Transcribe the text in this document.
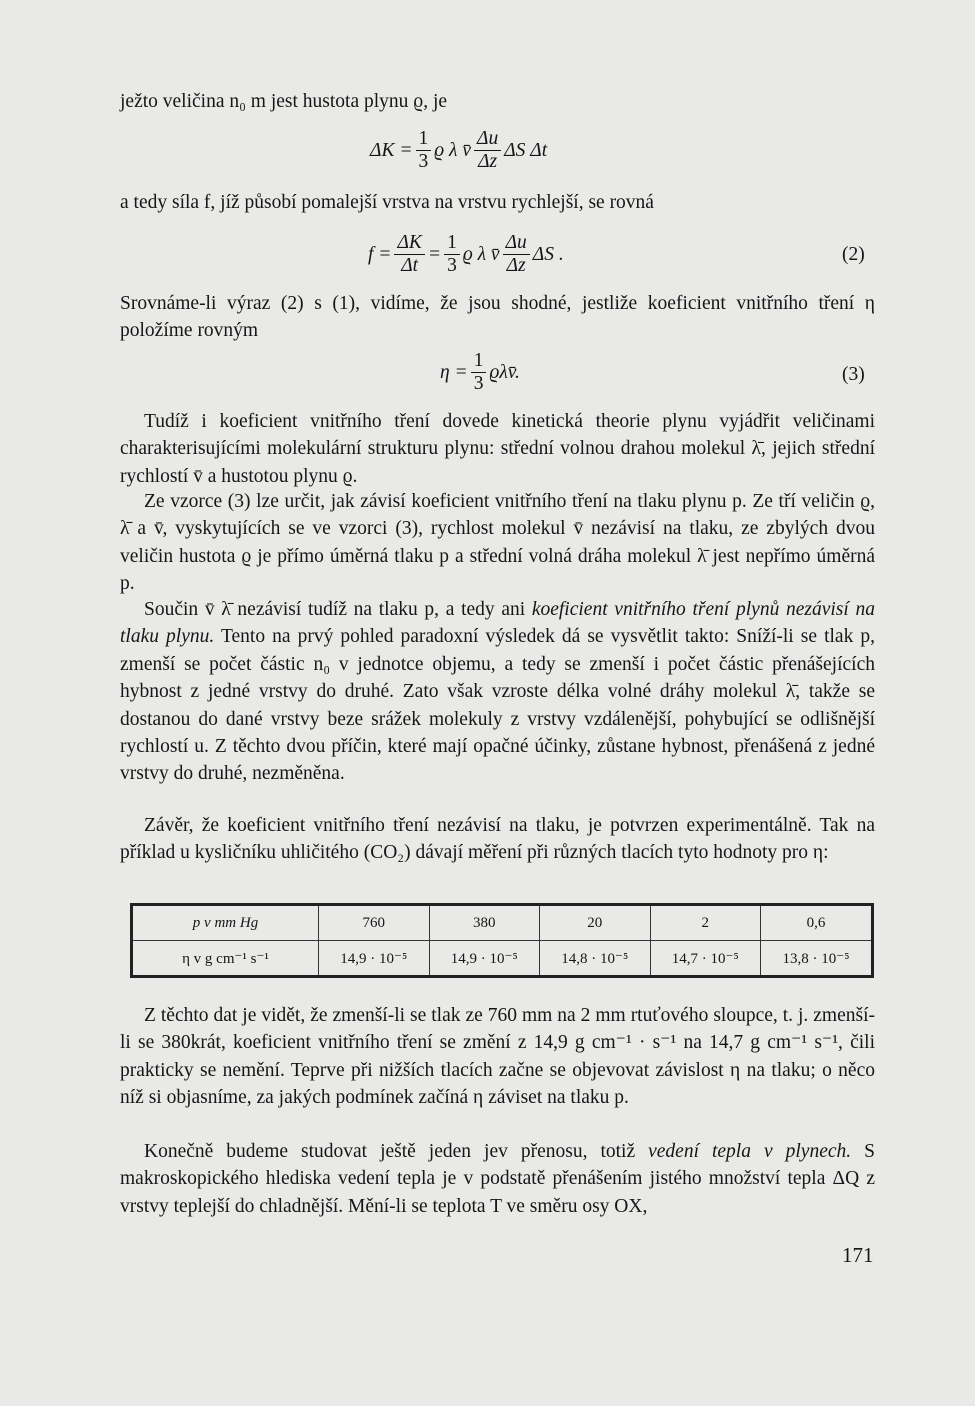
ježto veličina n₀ m jest hustota plynu ϱ, je

$\Delta K = \frac{1}{3}$ ϱ λ v̄ $\frac{\Delta u}{\Delta z}$ ΔS Δt

a tedy síla f, jíž působí pomalejší vrstva na vrstvu rychlejší, se rovná

$f = \frac{\Delta K}{\Delta t} = \frac{1}{3}$ ϱ λ v̄ $\frac{\Delta u}{\Delta z}$ ΔS .	(2)

Srovnáme-li výraz (2) s (1), vidíme, že jsou shodné, jestliže koeficient vnitřního tření η položíme rovným

$\eta = \frac{1}{3}$ ϱλv̄.	(3)

Tudíž i koeficient vnitřního tření dovede kinetická theorie plynu vyjádřit veličinami charakterisujícími molekulární strukturu plynu: střední volnou drahou molekul λ̄, jejich střední rychlostí v̄ a hustotou plynu ϱ.

Ze vzorce (3) lze určit, jak závisí koeficient vnitřního tření na tlaku plynu p. Ze tří veličin ϱ, λ̄ a v̄, vyskytujících se ve vzorci (3), rychlost molekul v̄ nezávisí na tlaku, ze zbylých dvou veličin hustota ϱ je přímo úměrná tlaku p a střední volná dráha molekul λ̄ jest nepřímo úměrná p.

Součin v̄ λ̄ nezávisí tudíž na tlaku p, a tedy ani koeficient vnitřního tření plynů nezávisí na tlaku plynu. Tento na prvý pohled paradoxní výsledek dá se vysvětlit takto: Sníží-li se tlak p, zmenší se počet částic n₀ v jednotce objemu, a tedy se zmenší i počet částic přenášejících hybnost z jedné vrstvy do druhé. Zato však vzroste délka volné dráhy molekul λ̄, takže se dostanou do dané vrstvy beze srážek molekuly z vrstvy vzdálenější, pohybující se odlišnější rychlostí u. Z těchto dvou příčin, které mají opačné účinky, zůstane hybnost, přenášená z jedné vrstvy do druhé, nezměněna.

Závěr, že koeficient vnitřního tření nezávisí na tlaku, je potvrzen experimentálně. Tak na příklad u kysličníku uhličitého (CO₂) dávají měření při různých tlacích tyto hodnoty pro η:

p v mm Hg	760	380	20	2	0,6
η v g cm⁻¹ s⁻¹	14,9 · 10⁻⁵	14,9 · 10⁻⁵	14,8 · 10⁻⁵	14,7 · 10⁻⁵	13,8 · 10⁻⁵

Z těchto dat je vidět, že zmenší-li se tlak ze 760 mm na 2 mm rtuťového sloupce, t. j. zmenší-li se 380krát, koeficient vnitřního tření se změní z 14,9 g cm⁻¹ · s⁻¹ na 14,7 g cm⁻¹ s⁻¹, čili prakticky se nemění. Teprve při nižších tlacích začne se objevovat závislost η na tlaku; o něco níž si objasníme, za jakých podmínek začíná η záviset na tlaku p.

Konečně budeme studovat ještě jeden jev přenosu, totiž vedení tepla v plynech. S makroskopického hlediska vedení tepla je v podstatě přenášením jistého množství tepla ΔQ z vrstvy teplejší do chladnější. Mění-li se teplota T ve směru osy OX,

171
